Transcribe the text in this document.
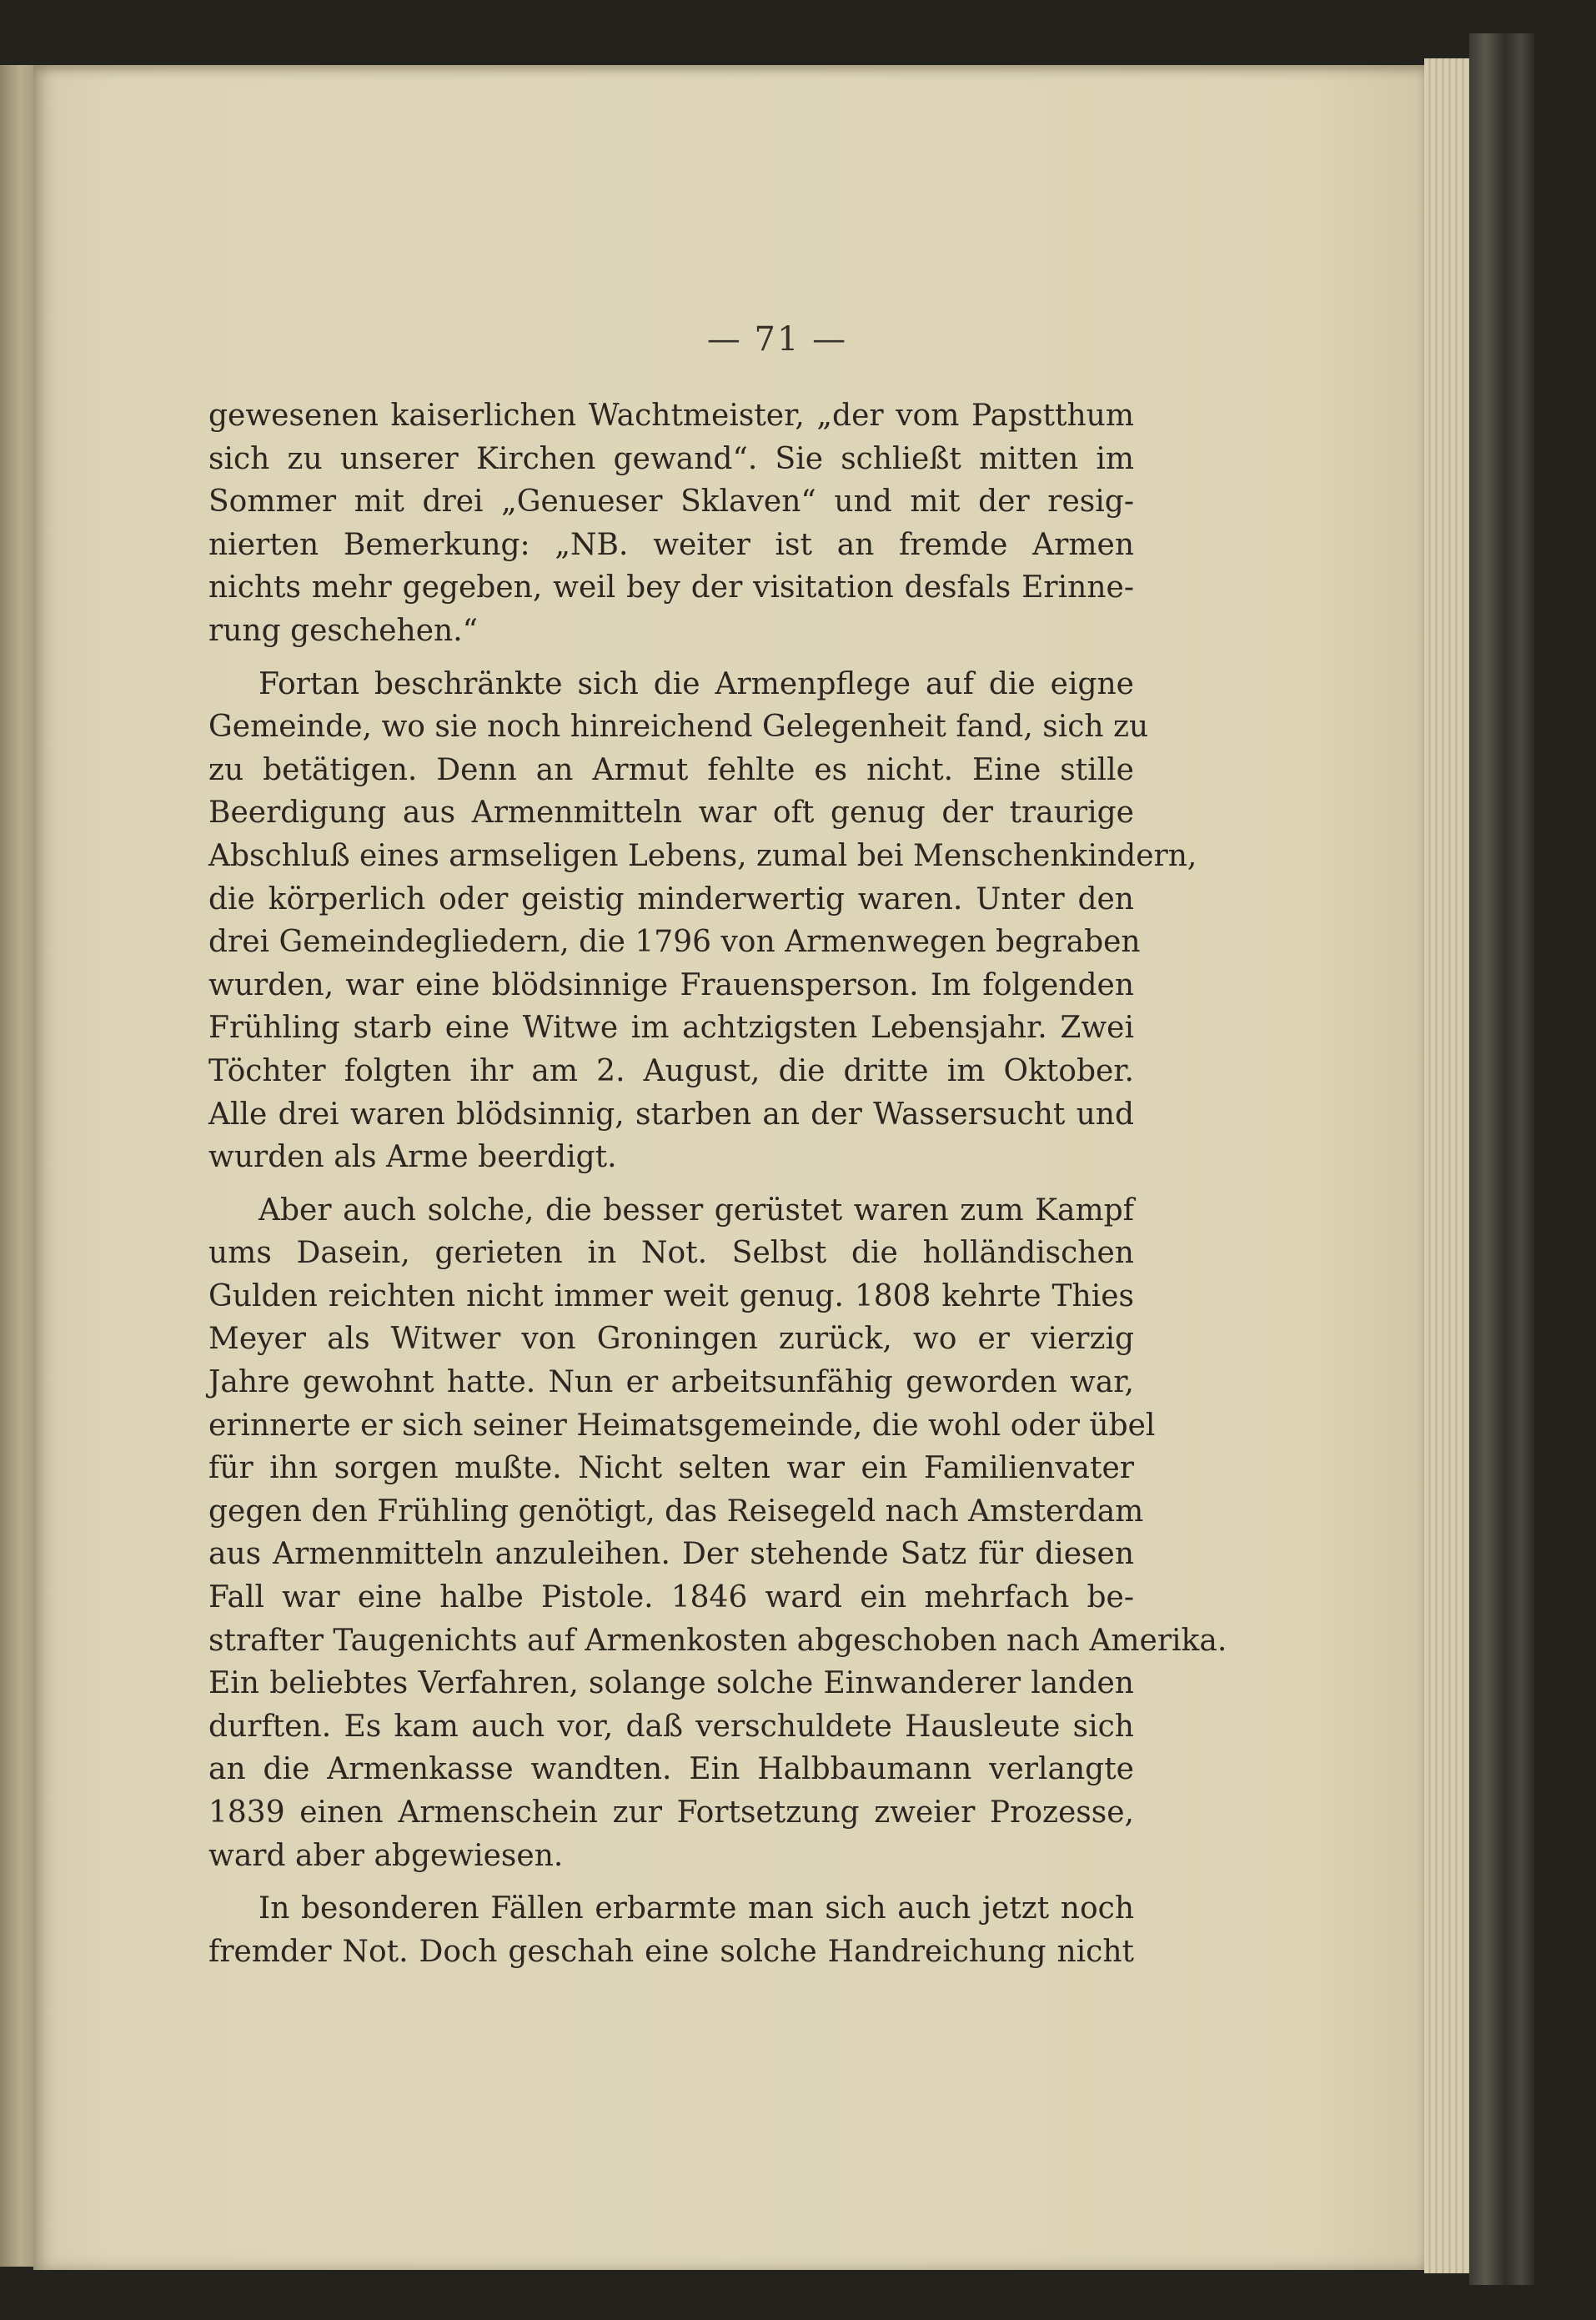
— 71 —
gewesenen kaiserlichen Wachtmeister, „der vom Papstthum
sich zu unserer Kirchen gewand“. Sie schließt mitten im
Sommer mit drei „Genueser Sklaven“ und mit der resig-
nierten Bemerkung: „NB. weiter ist an fremde Armen
nichts mehr gegeben, weil bey der visitation desfals Erinne-
rung geschehen.“
Fortan beschränkte sich die Armenpflege auf die eigne
Gemeinde, wo sie noch hinreichend Gelegenheit fand, sich zu
zu betätigen. Denn an Armut fehlte es nicht. Eine stille
Beerdigung aus Armenmitteln war oft genug der traurige
Abschluß eines armseligen Lebens, zumal bei Menschenkindern,
die körperlich oder geistig minderwertig waren. Unter den
drei Gemeindegliedern, die 1796 von Armenwegen begraben
wurden, war eine blödsinnige Frauensperson. Im folgenden
Frühling starb eine Witwe im achtzigsten Lebensjahr. Zwei
Töchter folgten ihr am 2. August, die dritte im Oktober.
Alle drei waren blödsinnig, starben an der Wassersucht und
wurden als Arme beerdigt.
Aber auch solche, die besser gerüstet waren zum Kampf
ums Dasein, gerieten in Not. Selbst die holländischen
Gulden reichten nicht immer weit genug. 1808 kehrte Thies
Meyer als Witwer von Groningen zurück, wo er vierzig
Jahre gewohnt hatte. Nun er arbeitsunfähig geworden war,
erinnerte er sich seiner Heimatsgemeinde, die wohl oder übel
für ihn sorgen mußte. Nicht selten war ein Familienvater
gegen den Frühling genötigt, das Reisegeld nach Amsterdam
aus Armenmitteln anzuleihen. Der stehende Satz für diesen
Fall war eine halbe Pistole. 1846 ward ein mehrfach be-
strafter Taugenichts auf Armenkosten abgeschoben nach Amerika.
Ein beliebtes Verfahren, solange solche Einwanderer landen
durften. Es kam auch vor, daß verschuldete Hausleute sich
an die Armenkasse wandten. Ein Halbbaumann verlangte
1839 einen Armenschein zur Fortsetzung zweier Prozesse,
ward aber abgewiesen.
In besonderen Fällen erbarmte man sich auch jetzt noch
fremder Not. Doch geschah eine solche Handreichung nicht
